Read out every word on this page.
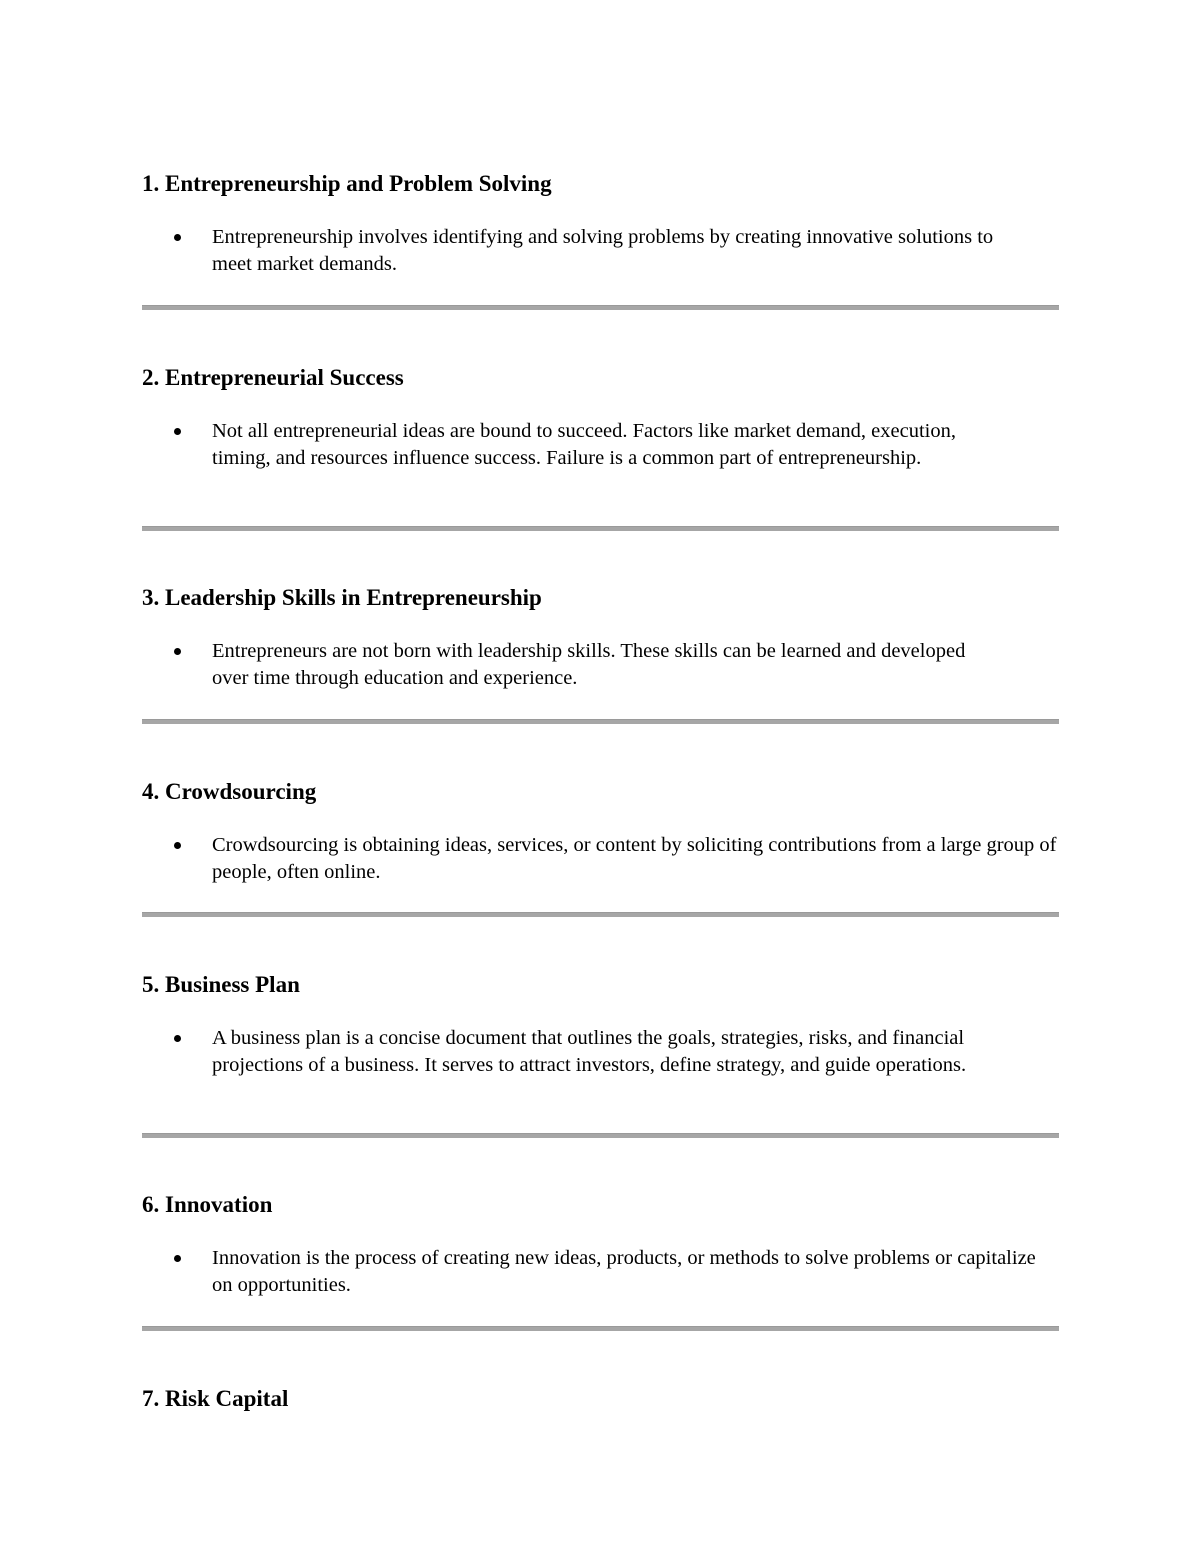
1. Entrepreneurship and Problem Solving
Entrepreneurship involves identifying and solving problems by creating innovative solutions to meet market demands.
2. Entrepreneurial Success
Not all entrepreneurial ideas are bound to succeed. Factors like market demand, execution, timing, and resources influence success. Failure is a common part of entrepreneurship.
3. Leadership Skills in Entrepreneurship
Entrepreneurs are not born with leadership skills. These skills can be learned and developed over time through education and experience.
4. Crowdsourcing
Crowdsourcing is obtaining ideas, services, or content by soliciting contributions from a large group of people, often online.
5. Business Plan
A business plan is a concise document that outlines the goals, strategies, risks, and financial projections of a business. It serves to attract investors, define strategy, and guide operations.
6. Innovation
Innovation is the process of creating new ideas, products, or methods to solve problems or capitalize on opportunities.
7. Risk Capital
